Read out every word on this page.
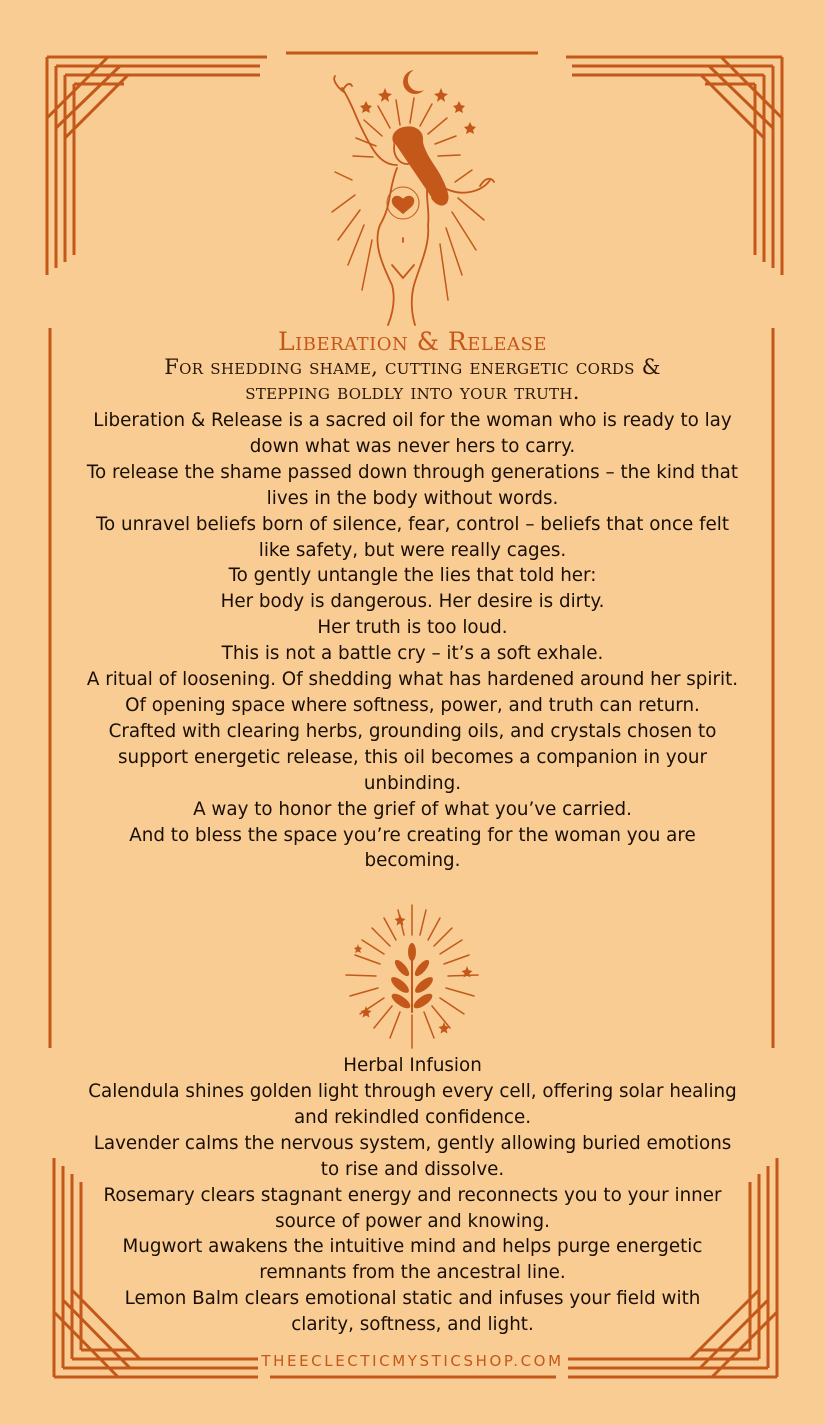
Liberation & Release
For shedding shame, cutting energetic cords &
stepping boldly into your truth.

Liberation & Release is a sacred oil for the woman who is ready to lay

down what was never hers to carry.

To release the shame passed down through generations – the kind that

lives in the body without words.

To unravel beliefs born of silence, fear, control – beliefs that once felt

like safety, but were really cages.

To gently untangle the lies that told her:

Her body is dangerous. Her desire is dirty.

Her truth is too loud.

This is not a battle cry – it’s a soft exhale.

A ritual of loosening. Of shedding what has hardened around her spirit.

Of opening space where softness, power, and truth can return.

Crafted with clearing herbs, grounding oils, and crystals chosen to

support energetic release, this oil becomes a companion in your

unbinding.

A way to honor the grief of what you’ve carried.

And to bless the space you’re creating for the woman you are

becoming.

Herbal Infusion

Calendula shines golden light through every cell, offering solar healing

and rekindled confidence.

Lavender calms the nervous system, gently allowing buried emotions

to rise and dissolve.

Rosemary clears stagnant energy and reconnects you to your inner

source of power and knowing.

Mugwort awakens the intuitive mind and helps purge energetic

remnants from the ancestral line.

Lemon Balm clears emotional static and infuses your field with

clarity, softness, and light.

THEECLECTICMYSTICSHOP.COM
